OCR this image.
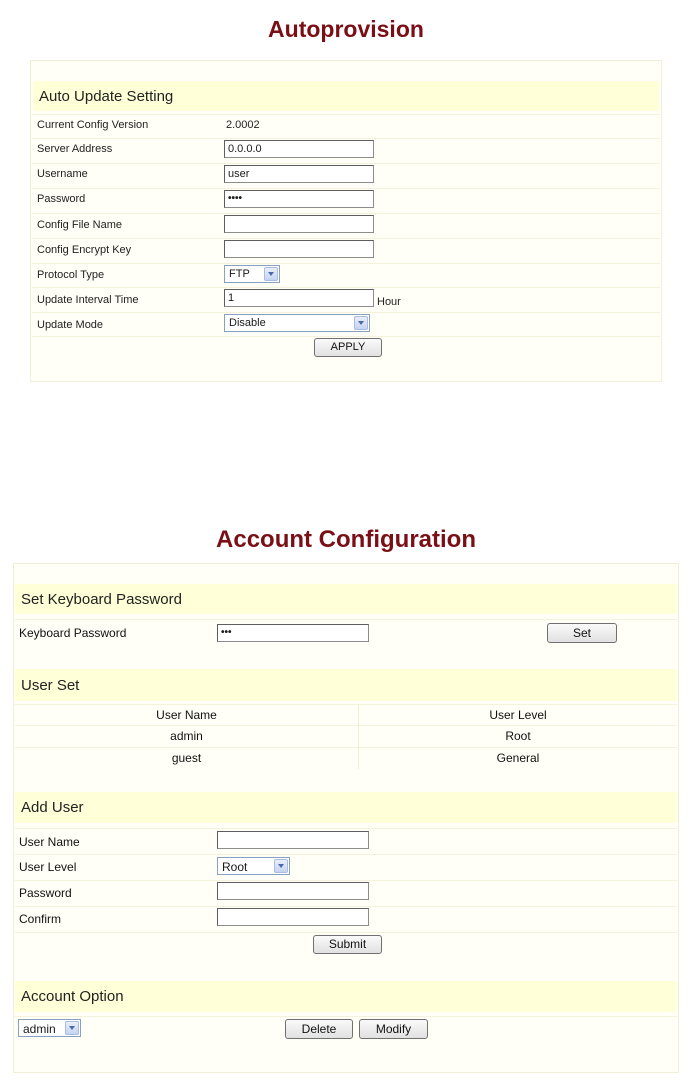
Autoprovision
Auto Update Setting
Current Config Version	2.0002
Server Address	0.0.0.0
Username	user
Password	••••
Config File Name
Config Encrypt Key
Protocol Type	FTP
Update Interval Time	1	Hour
Update Mode	Disable
APPLY
Account Configuration
Set Keyboard Password
Keyboard Password	•••	Set
User Set
User Name	User Level
admin	Root
guest	General
Add User
User Name
User Level	Root
Password
Confirm
Submit
Account Option
admin	Delete	Modify
